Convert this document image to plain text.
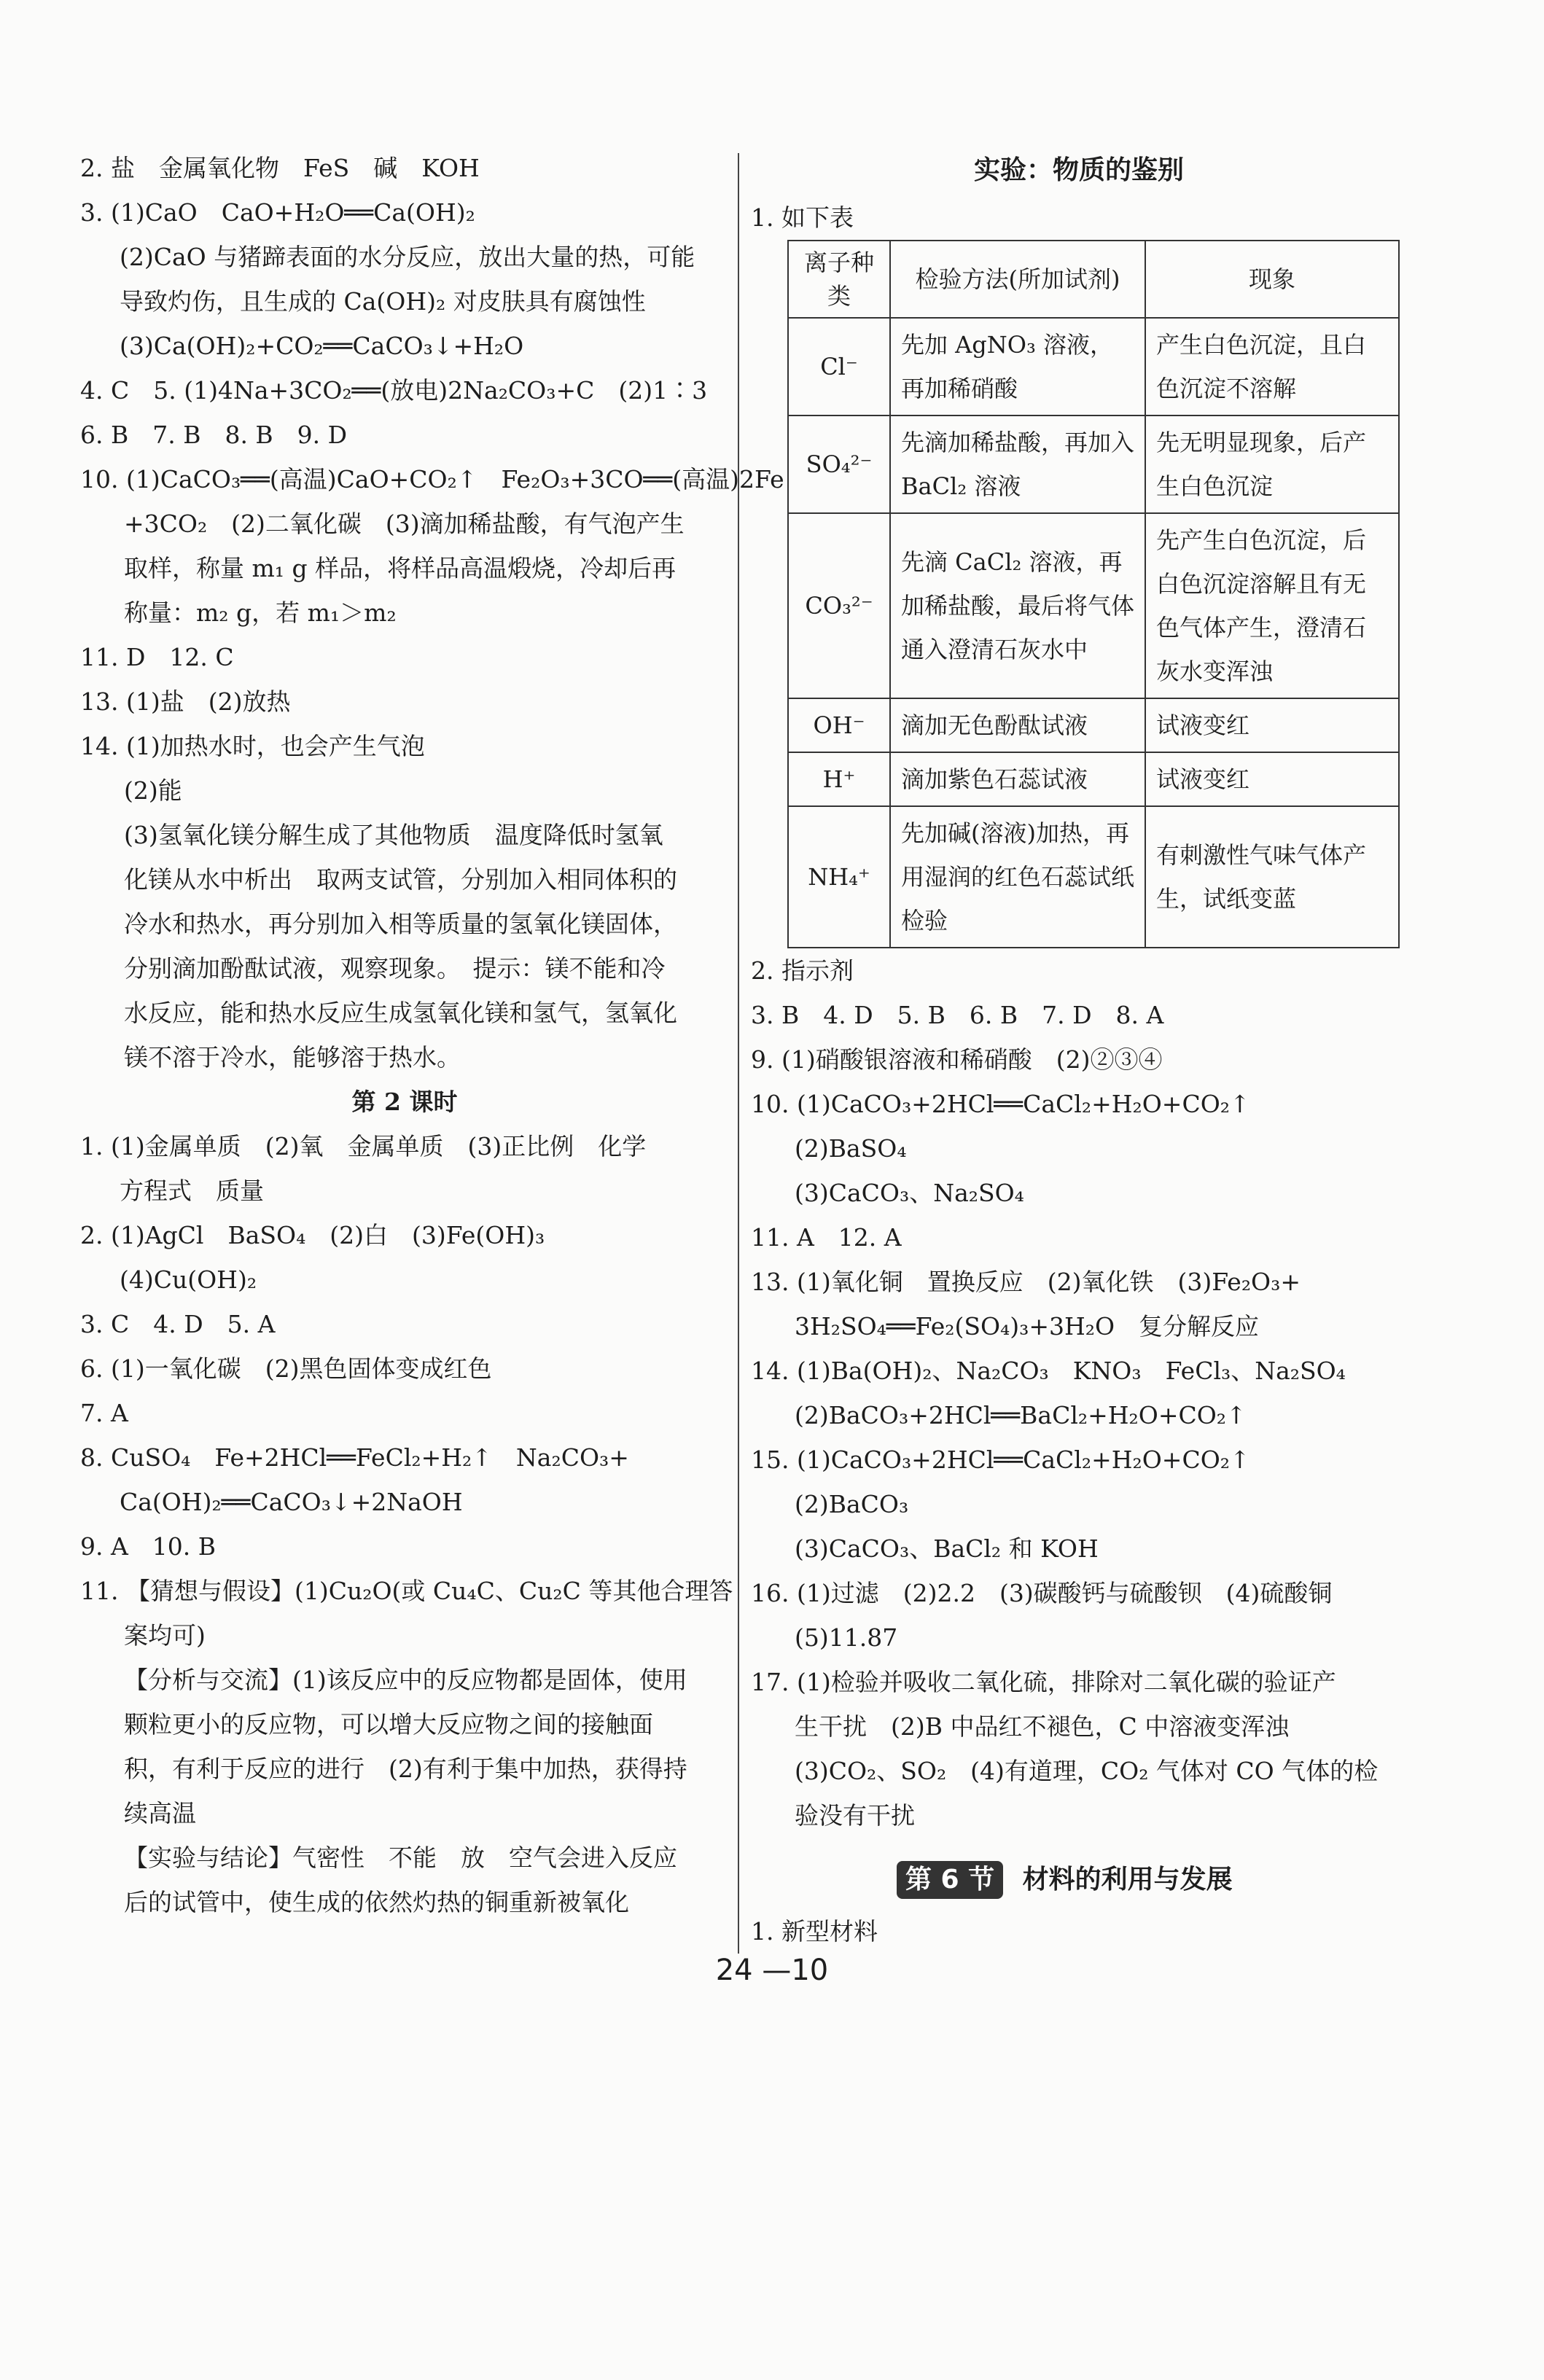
2. 盐　金属氧化物　FeS　碱　KOH
3. (1)CaO　CaO+H₂O══Ca(OH)₂
(2)CaO 与猪蹄表面的水分反应，放出大量的热，可能
导致灼伤，且生成的 Ca(OH)₂ 对皮肤具有腐蚀性
(3)Ca(OH)₂+CO₂══CaCO₃↓+H₂O
4. C　5. (1)4Na+3CO₂══(放电)2Na₂CO₃+C　(2)1∶3
6. B　7. B　8. B　9. D
10. (1)CaCO₃══(高温)CaO+CO₂↑　Fe₂O₃+3CO══(高温)2Fe
+3CO₂　(2)二氧化碳　(3)滴加稀盐酸，有气泡产生
取样，称量 m₁ g 样品，将样品高温煅烧，冷却后再
称量：m₂ g，若 m₁＞m₂
11. D　12. C
13. (1)盐　(2)放热
14. (1)加热水时，也会产生气泡
(2)能
(3)氢氧化镁分解生成了其他物质　温度降低时氢氧
化镁从水中析出　取两支试管，分别加入相同体积的
冷水和热水，再分别加入相等质量的氢氧化镁固体，
分别滴加酚酞试液，观察现象。　提示：镁不能和冷
水反应，能和热水反应生成氢氧化镁和氢气，氢氧化
镁不溶于冷水，能够溶于热水。
第 2 课时
1. (1)金属单质　(2)氧　金属单质　(3)正比例　化学
方程式　质量
2. (1)AgCl　BaSO₄　(2)白　(3)Fe(OH)₃
(4)Cu(OH)₂
3. C　4. D　5. A
6. (1)一氧化碳　(2)黑色固体变成红色
7. A
8. CuSO₄　Fe+2HCl══FeCl₂+H₂↑　Na₂CO₃+
Ca(OH)₂══CaCO₃↓+2NaOH
9. A　10. B
11. 【猜想与假设】(1)Cu₂O(或 Cu₄C、Cu₂C 等其他合理答
案均可)
【分析与交流】(1)该反应中的反应物都是固体，使用
颗粒更小的反应物，可以增大反应物之间的接触面
积，有利于反应的进行　(2)有利于集中加热，获得持
续高温
【实验与结论】气密性　不能　放　空气会进入反应
后的试管中，使生成的依然灼热的铜重新被氧化
实验：物质的鉴别
1. 如下表
离子种类	检验方法(所加试剂)	现象
Cl⁻	先加 AgNO₃ 溶液，再加稀硝酸	产生白色沉淀，且白色沉淀不溶解
SO₄²⁻	先滴加稀盐酸，再加入 BaCl₂ 溶液	先无明显现象，后产生白色沉淀
CO₃²⁻	先滴 CaCl₂ 溶液，再加稀盐酸，最后将气体通入澄清石灰水中	先产生白色沉淀，后白色沉淀溶解且有无色气体产生，澄清石灰水变浑浊
OH⁻	滴加无色酚酞试液	试液变红
H⁺	滴加紫色石蕊试液	试液变红
NH₄⁺	先加碱(溶液)加热，再用湿润的红色石蕊试纸检验	有刺激性气味气体产生，试纸变蓝
2. 指示剂
3. B　4. D　5. B　6. B　7. D　8. A
9. (1)硝酸银溶液和稀硝酸　(2)②③④
10. (1)CaCO₃+2HCl══CaCl₂+H₂O+CO₂↑
(2)BaSO₄
(3)CaCO₃、Na₂SO₄
11. A　12. A
13. (1)氧化铜　置换反应　(2)氧化铁　(3)Fe₂O₃+
3H₂SO₄══Fe₂(SO₄)₃+3H₂O　复分解反应
14. (1)Ba(OH)₂、Na₂CO₃　KNO₃　FeCl₃、Na₂SO₄
(2)BaCO₃+2HCl══BaCl₂+H₂O+CO₂↑
15. (1)CaCO₃+2HCl══CaCl₂+H₂O+CO₂↑
(2)BaCO₃
(3)CaCO₃、BaCl₂ 和 KOH
16. (1)过滤　(2)2.2　(3)碳酸钙与硫酸钡　(4)硫酸铜
(5)11.87
17. (1)检验并吸收二氧化硫，排除对二氧化碳的验证产
生干扰　(2)B 中品红不褪色，C 中溶液变浑浊
(3)CO₂、SO₂　(4)有道理，CO₂ 气体对 CO 气体的检
验没有干扰
第 6 节 材料的利用与发展
1. 新型材料
24 —10
